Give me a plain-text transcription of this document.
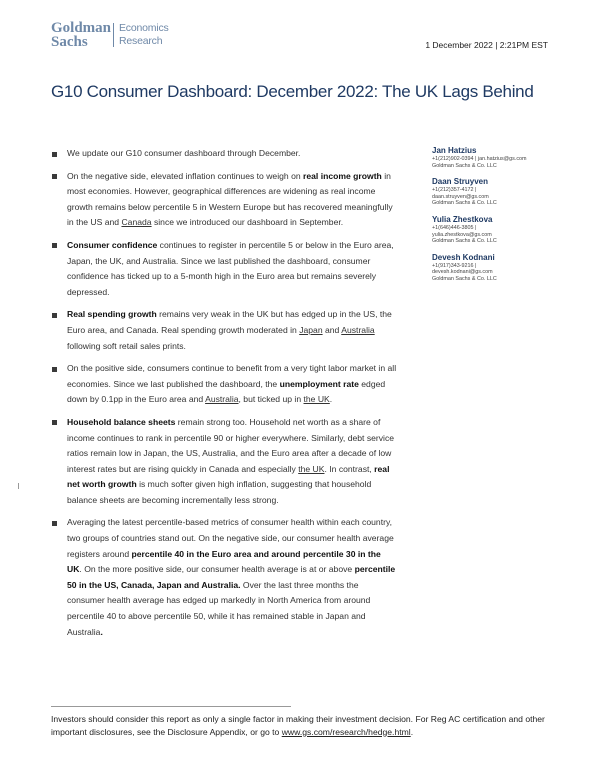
Goldman
Sachs
Economics
Research	1 December 2022 | 2:21PM EST
G10 Consumer Dashboard: December 2022: The UK Lags Behind
We update our G10 consumer dashboard through December.
On the negative side, elevated inflation continues to weigh on real income growth in most economies. However, geographical differences are widening as real income growth remains below percentile 5 in Western Europe but has recovered meaningfully in the US and Canada since we introduced our dashboard in September.
Consumer confidence continues to register in percentile 5 or below in the Euro area, Japan, the UK, and Australia. Since we last published the dashboard, consumer confidence has ticked up to a 5-month high in the Euro area but remains severely depressed.
Real spending growth remains very weak in the UK but has edged up in the US, the Euro area, and Canada. Real spending growth moderated in Japan and Australia following soft retail sales prints.
On the positive side, consumers continue to benefit from a very tight labor market in all economies. Since we last published the dashboard, the unemployment rate edged down by 0.1pp in the Euro area and Australia, but ticked up in the UK.
Household balance sheets remain strong too. Household net worth as a share of income continues to rank in percentile 90 or higher everywhere. Similarly, debt service ratios remain low in Japan, the US, Australia, and the Euro area after a decade of low interest rates but are rising quickly in Canada and especially the UK. In contrast, real net worth growth is much softer given high inflation, suggesting that household balance sheets are becoming incrementally less strong.
Averaging the latest percentile-based metrics of consumer health within each country, two groups of countries stand out. On the negative side, our consumer health average registers around percentile 40 in the Euro area and around percentile 30 in the UK. On the more positive side, our consumer health average is at or above percentile 50 in the US, Canada, Japan and Australia. Over the last three months the consumer health average has edged up markedly in North America from around percentile 40 to above percentile 50, while it has remained stable in Japan and Australia.
Jan Hatzius
+1(212)902-0394 | jan.hatzius@gs.com
Goldman Sachs & Co. LLC
Daan Struyven
+1(212)357-4172 |
daan.struyven@gs.com
Goldman Sachs & Co. LLC
Yulia Zhestkova
+1(646)446-3805 |
yulia.zhestkova@gs.com
Goldman Sachs & Co. LLC
Devesh Kodnani
+1(917)343-9216 |
devesh.kodnani@gs.com
Goldman Sachs & Co. LLC
Investors should consider this report as only a single factor in making their investment decision. For Reg AC certification and other important disclosures, see the Disclosure Appendix, or go to www.gs.com/research/hedge.html.
